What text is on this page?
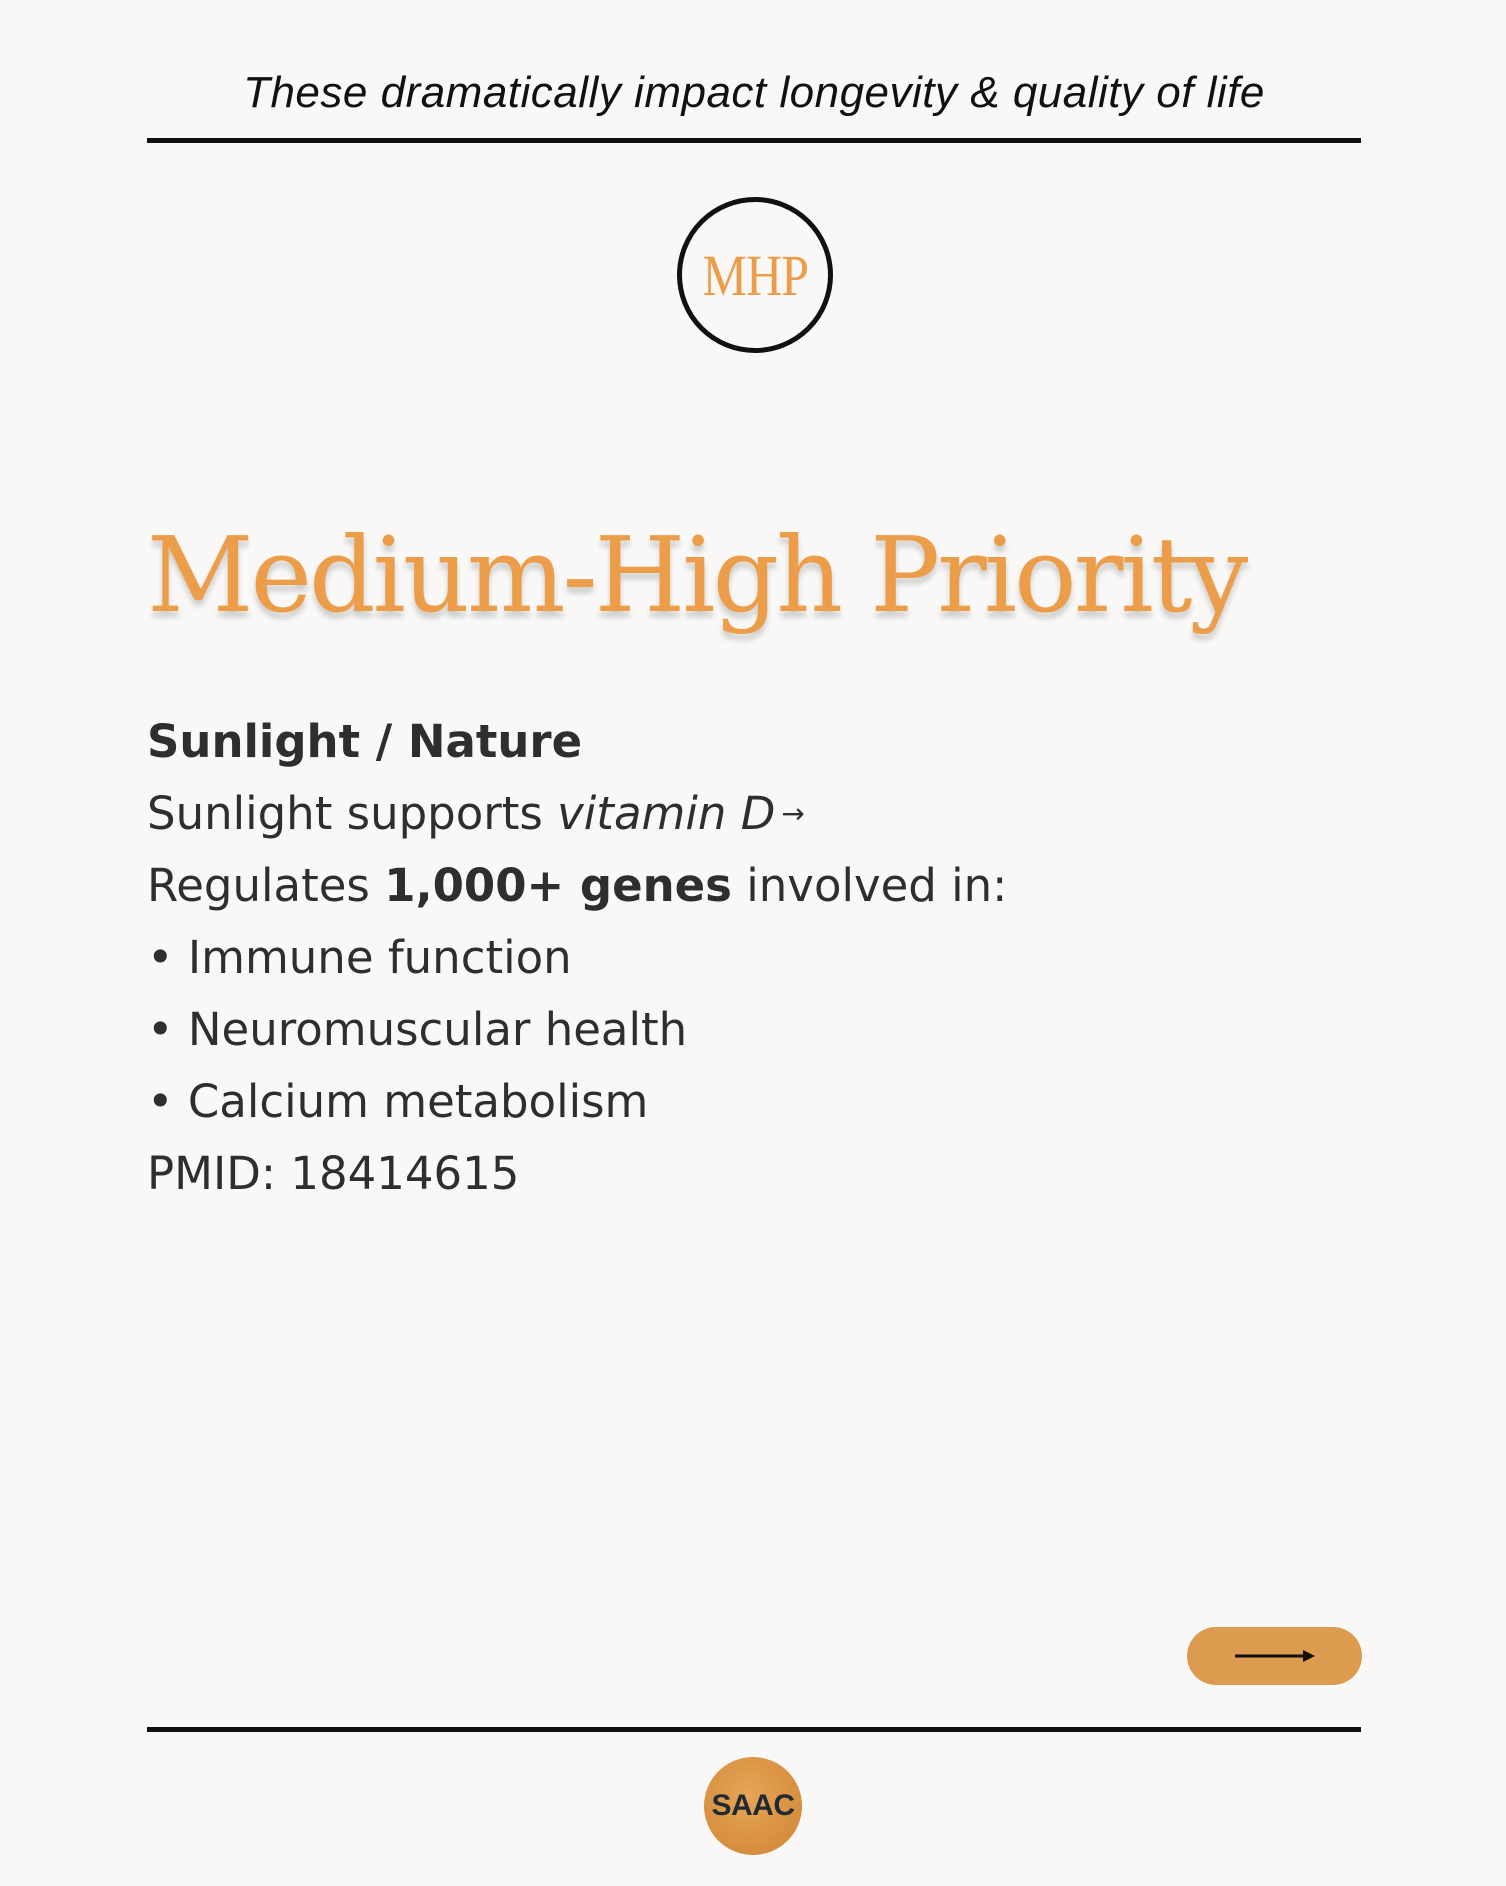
These dramatically impact longevity & quality of life
MHP
Medium-High Priority
Sunlight / Nature
Sunlight supports vitamin D →
Regulates 1,000+ genes involved in:
• Immune function
• Neuromuscular health
• Calcium metabolism
PMID: 18414615
SAAC
